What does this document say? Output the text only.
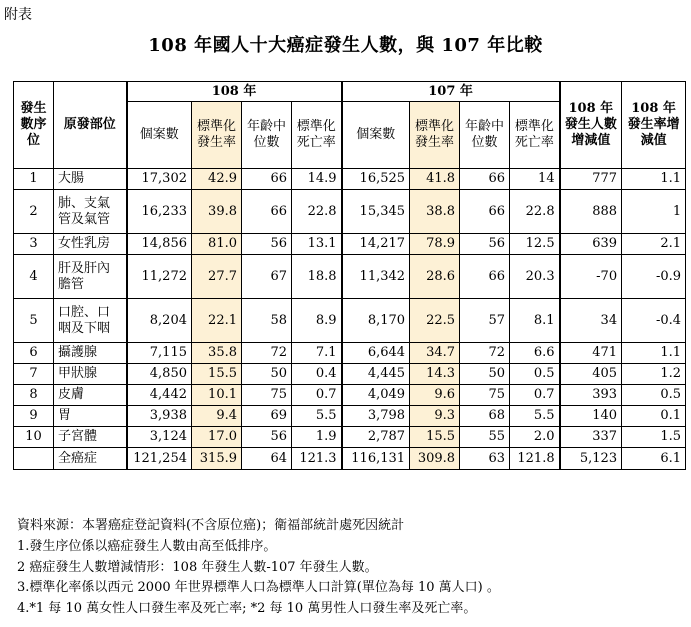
附表
108 年國人十大癌症發生人數，與 107 年比較
發生數序位	原發部位	108 年				107 年				108 年發生人數增減值	108 年發生率增減值
		個案數	標準化發生率	年齡中位數	標準化死亡率	個案數	標準化發生率	年齡中位數	標準化死亡率		
1	大腸	17,302	42.9	66	14.9	16,525	41.8	66	14	777	1.1
2	肺、支氣管及氣管	16,233	39.8	66	22.8	15,345	38.8	66	22.8	888	1
3	女性乳房	14,856	81.0	56	13.1	14,217	78.9	56	12.5	639	2.1
4	肝及肝內膽管	11,272	27.7	67	18.8	11,342	28.6	66	20.3	-70	-0.9
5	口腔、口咽及下咽	8,204	22.1	58	8.9	8,170	22.5	57	8.1	34	-0.4
6	攝護腺	7,115	35.8	72	7.1	6,644	34.7	72	6.6	471	1.1
7	甲狀腺	4,850	15.5	50	0.4	4,445	14.3	50	0.5	405	1.2
8	皮膚	4,442	10.1	75	0.7	4,049	9.6	75	0.7	393	0.5
9	胃	3,938	9.4	69	5.5	3,798	9.3	68	5.5	140	0.1
10	子宮體	3,124	17.0	56	1.9	2,787	15.5	55	2.0	337	1.5
	全癌症	121,254	315.9	64	121.3	116,131	309.8	63	121.8	5,123	6.1
資料來源：本署癌症登記資料(不含原位癌)；衛福部統計處死因統計
1.發生序位係以癌症發生人數由高至低排序。
2 癌症發生人數增減情形：108 年發生人數-107 年發生人數。
3.標準化率係以西元 2000 年世界標準人口為標準人口計算(單位為每 10 萬人口) 。
4.*1 每 10 萬女性人口發生率及死亡率; *2 每 10 萬男性人口發生率及死亡率。
